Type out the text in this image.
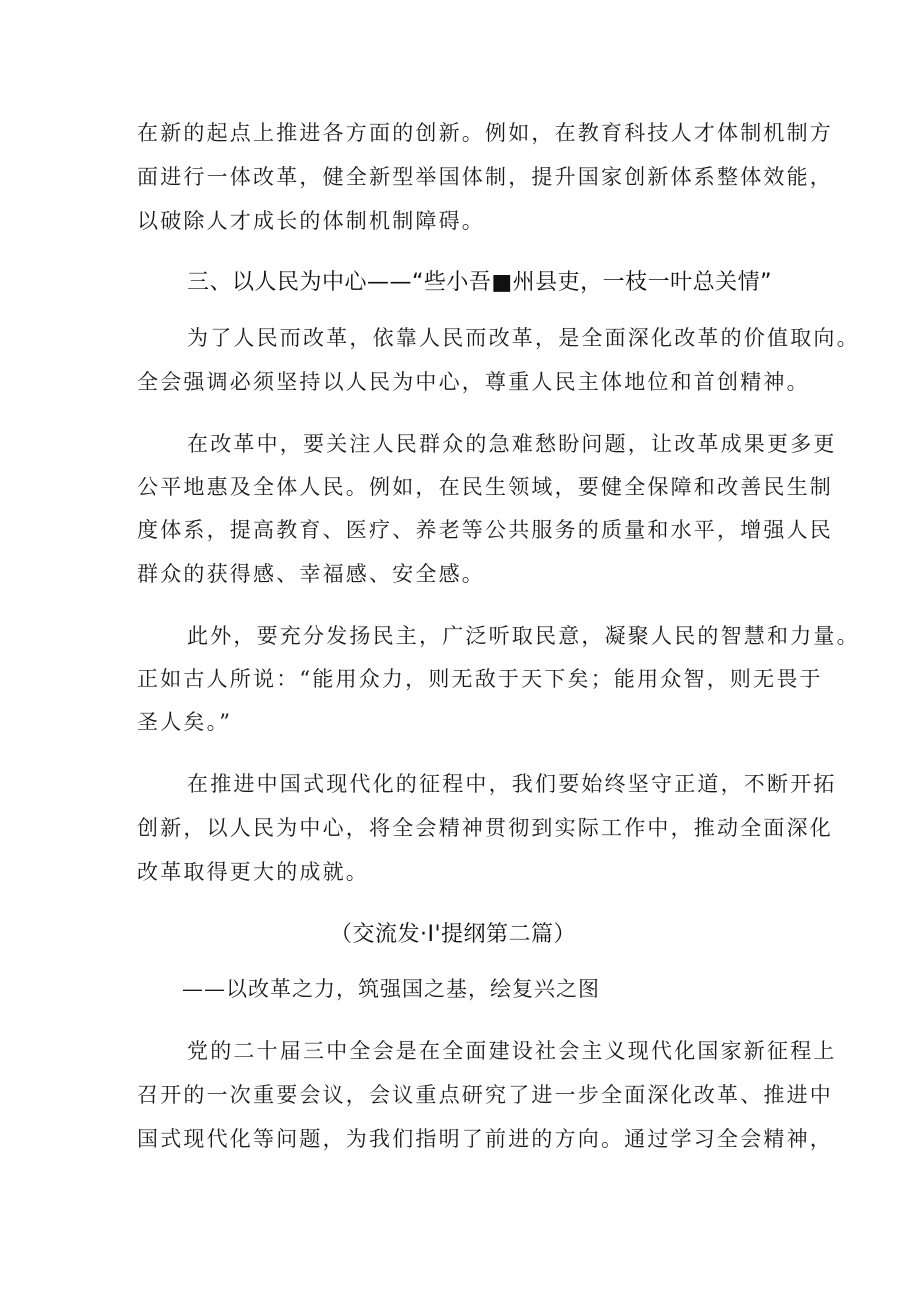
在新的起点上推进各方面的创新。例如，在教育科技人才体制机制方
面进行一体改革，健全新型举国体制，提升国家创新体系整体效能，
以破除人才成长的体制机制障碍。
三、以人民为中心——“些小吾■州县吏，一枝一叶总关情”
为了人民而改革，依靠人民而改革，是全面深化改革的价值取向。
全会强调必须坚持以人民为中心，尊重人民主体地位和首创精神。
在改革中，要关注人民群众的急难愁盼问题，让改革成果更多更
公平地惠及全体人民。例如，在民生领域，要健全保障和改善民生制
度体系，提高教育、医疗、养老等公共服务的质量和水平，增强人民
群众的获得感、幸福感、安全感。
此外，要充分发扬民主，广泛听取民意，凝聚人民的智慧和力量。
正如古人所说：“能用众力，则无敌于天下矣；能用众智，则无畏于
圣人矣。”
在推进中国式现代化的征程中，我们要始终坚守正道，不断开拓
创新，以人民为中心，将全会精神贯彻到实际工作中，推动全面深化
改革取得更大的成就。
（交流发·I'提纲第二篇）
——以改革之力，筑强国之基，绘复兴之图
党的二十届三中全会是在全面建设社会主义现代化国家新征程上
召开的一次重要会议，会议重点研究了进一步全面深化改革、推进中
国式现代化等问题，为我们指明了前进的方向。通过学习全会精神，
